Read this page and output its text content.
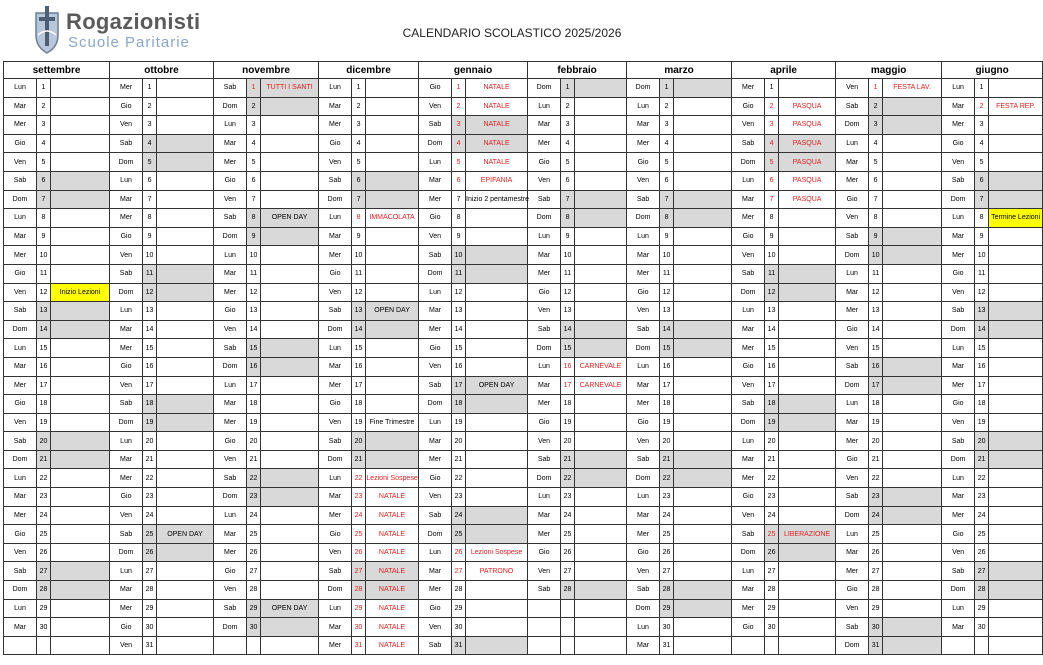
Rogazionisti
Scuole Paritarie
CALENDARIO SCOLASTICO 2025/2026
settembre			ottobre			novembre			dicembre			gennaio			febbraio			marzo			aprile			maggio			giugno		
Lun	1		Mer	1		Sab	1	TUTTI I SANTI	Lun	1		Gio	1	NATALE	Dom	1		Dom	1		Mer	1		Ven	1	FESTA LAV.	Lun	1	
Mar	2		Gio	2		Dom	2		Mar	2		Ven	2	NATALE	Lun	2		Lun	2		Gio	2	PASQUA	Sab	2		Mar	2	FESTA REP.
Mer	3		Ven	3		Lun	3		Mer	3		Sab	3	NATALE	Mar	3		Mar	3		Ven	3	PASQUA	Dom	3		Mer	3	
Gio	4		Sab	4		Mar	4		Gio	4		Dom	4	NATALE	Mer	4		Mer	4		Sab	4	PASQUA	Lun	4		Gio	4	
Ven	5		Dom	5		Mer	5		Ven	5		Lun	5	NATALE	Gio	5		Gio	5		Dom	5	PASQUA	Mar	5		Ven	5	
Sab	6		Lun	6		Gio	6		Sab	6		Mar	6	EPIFANIA	Ven	6		Ven	6		Lun	6	PASQUA	Mer	6		Sab	6	
Dom	7		Mar	7		Ven	7		Dom	7		Mer	7	Inizio 2 pentamestre	Sab	7		Sab	7		Mar	7	PASQUA	Gio	7		Dom	7	
Lun	8		Mer	8		Sab	8	OPEN DAY	Lun	8	IMMACOLATA	Gio	8		Dom	8		Dom	8		Mer	8		Ven	8		Lun	8	Termine Lezioni
Mar	9		Gio	9		Dom	9		Mar	9		Ven	9		Lun	9		Lun	9		Gio	9		Sab	9		Mar	9	
Mer	10		Ven	10		Lun	10		Mer	10		Sab	10		Mar	10		Mar	10		Ven	10		Dom	10		Mer	10	
Gio	11		Sab	11		Mar	11		Gio	11		Dom	11		Mer	11		Mer	11		Sab	11		Lun	11		Gio	11	
Ven	12	Inizio Lezioni	Dom	12		Mer	12		Ven	12		Lun	12		Gio	12		Gio	12		Dom	12		Mar	12		Ven	12	
Sab	13		Lun	13		Gio	13		Sab	13	OPEN DAY	Mar	13		Ven	13		Ven	13		Lun	13		Mer	13		Sab	13	
Dom	14		Mar	14		Ven	14		Dom	14		Mer	14		Sab	14		Sab	14		Mar	14		Gio	14		Dom	14	
Lun	15		Mer	15		Sab	15		Lun	15		Gio	15		Dom	15		Dom	15		Mer	15		Ven	15		Lun	15	
Mar	16		Gio	16		Dom	16		Mar	16		Ven	16		Lun	16	CARNEVALE	Lun	16		Gio	16		Sab	16		Mar	16	
Mer	17		Ven	17		Lun	17		Mer	17		Sab	17	OPEN DAY	Mar	17	CARNEVALE	Mar	17		Ven	17		Dom	17		Mer	17	
Gio	18		Sab	18		Mar	18		Gio	18		Dom	18		Mer	18		Mer	18		Sab	18		Lun	18		Gio	18	
Ven	19		Dom	19		Mer	19		Ven	19	Fine Trimestre	Lun	19		Gio	19		Gio	19		Dom	19		Mar	19		Ven	19	
Sab	20		Lun	20		Gio	20		Sab	20		Mar	20		Ven	20		Ven	20		Lun	20		Mer	20		Sab	20	
Dom	21		Mar	21		Ven	21		Dom	21		Mer	21		Sab	21		Sab	21		Mar	21		Gio	21		Dom	21	
Lun	22		Mer	22		Sab	22		Lun	22	Lezioni Sospese	Gio	22		Dom	22		Dom	22		Mer	22		Ven	22		Lun	22	
Mar	23		Gio	23		Dom	23		Mar	23	NATALE	Ven	23		Lun	23		Lun	23		Gio	23		Sab	23		Mar	23	
Mer	24		Ven	24		Lun	24		Mer	24	NATALE	Sab	24		Mar	24		Mar	24		Ven	24		Dom	24		Mer	24	
Gio	25		Sab	25	OPEN DAY	Mar	25		Gio	25	NATALE	Dom	25		Mer	25		Mer	25		Sab	25	LIBERAZIONE	Lun	25		Gio	25	
Ven	26		Dom	26		Mer	26		Ven	26	NATALE	Lun	26	Lezioni Sospese	Gio	26		Gio	26		Dom	26		Mar	26		Ven	26	
Sab	27		Lun	27		Gio	27		Sab	27	NATALE	Mar	27	PATRONO	Ven	27		Ven	27		Lun	27		Mer	27		Sab	27	
Dom	28		Mar	28		Ven	28		Dom	28	NATALE	Mer	28		Sab	28		Sab	28		Mar	28		Gio	28		Dom	28	
Lun	29		Mer	29		Sab	29	OPEN DAY	Lun	29	NATALE	Gio	29					Dom	29		Mer	29		Ven	29		Lun	29	
Mar	30		Gio	30		Dom	30		Mar	30	NATALE	Ven	30					Lun	30		Gio	30		Sab	30		Mar	30	
			Ven	31					Mer	31	NATALE	Sab	31					Mar	31					Dom	31				
